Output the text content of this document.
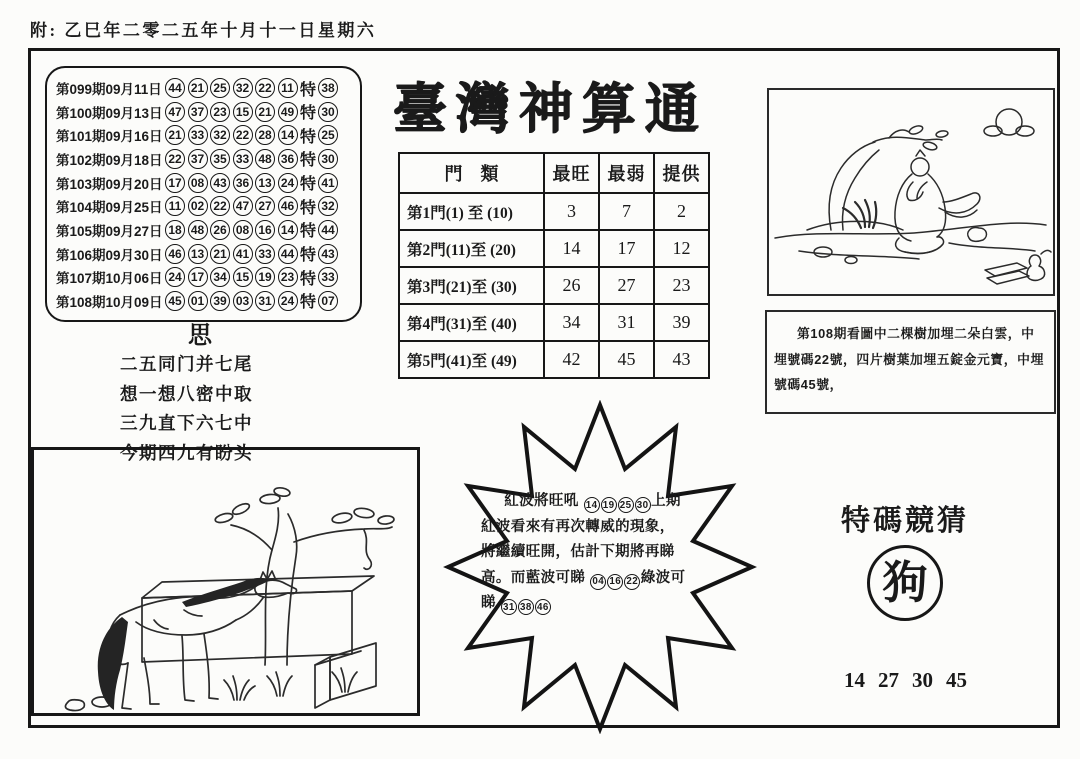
附: 乙巳年二零二五年十月十一日星期六
第099期09月11日 44 21 25 32 22 11 特 38
第100期09月13日 47 37 23 15 21 49 特 30
第101期09月16日 21 33 32 22 28 14 特 25
第102期09月18日 22 37 35 33 48 36 特 30
第103期09月20日 17 08 43 36 13 24 特 41
第104期09月25日 11 02 22 47 27 46 特 32
第105期09月27日 18 48 26 08 16 14 特 44
第106期09月30日 46 13 21 41 33 44 特 43
第107期10月06日 24 17 34 15 19 23 特 33
第108期10月09日 45 01 39 03 31 24 特 07
臺灣神算通
門　類	最旺	最弱	提供
第1門(1) 至 (10)	3	7	2
第2門(11)至 (20)	14	17	12
第3門(21)至 (30)	26	27	23
第4門(31)至 (40)	34	31	39
第5門(41)至 (49)	42	45	43
思
二五同门并七尾
想一想八密中取
三九直下六七中
今期四九有盼头
第108期看圖中二棵樹加埋二朵白雲，中埋號碼22號，四片樹葉加埋五錠金元寶，中埋號碼45號，
紅波將旺吼 14 19 25 30 上期紅波看來有再次轉威的現象，將繼續旺開，估計下期將再睇高。而藍波可睇 04 16 22 綠波可睇 31 38 46
特碼競猜
狗
14 27 30 45
